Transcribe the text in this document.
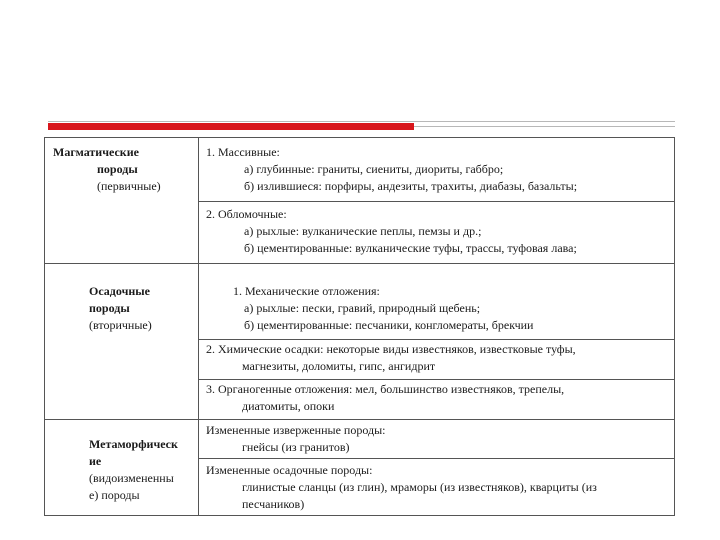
Магматические
породы
(первичные)
Осадочные
породы
(вторичные)
Метаморфическ
ие
(видоизмененны
е) породы
1. Массивные:
а) глубинные: граниты, сиениты, диориты, габбро;
б) излившиеся: порфиры, андезиты, трахиты, диабазы, базальты;
2. Обломочные:
а) рыхлые: вулканические пеплы, пемзы и др.;
б) цементированные: вулканические туфы, трассы, туфовая лава;
1. Механические отложения:
а) рыхлые: пески, гравий, природный щебень;
б) цементированные: песчаники, конгломераты, брекчии
2. Химические осадки: некоторые виды известняков, известковые туфы,
магнезиты, доломиты, гипс, ангидрит
3. Органогенные отложения: мел, большинство известняков, трепелы,
диатомиты, опоки
Измененные изверженные породы:
гнейсы (из гранитов)
Измененные осадочные породы:
глинистые сланцы (из глин), мраморы (из известняков), кварциты (из
песчаников)
